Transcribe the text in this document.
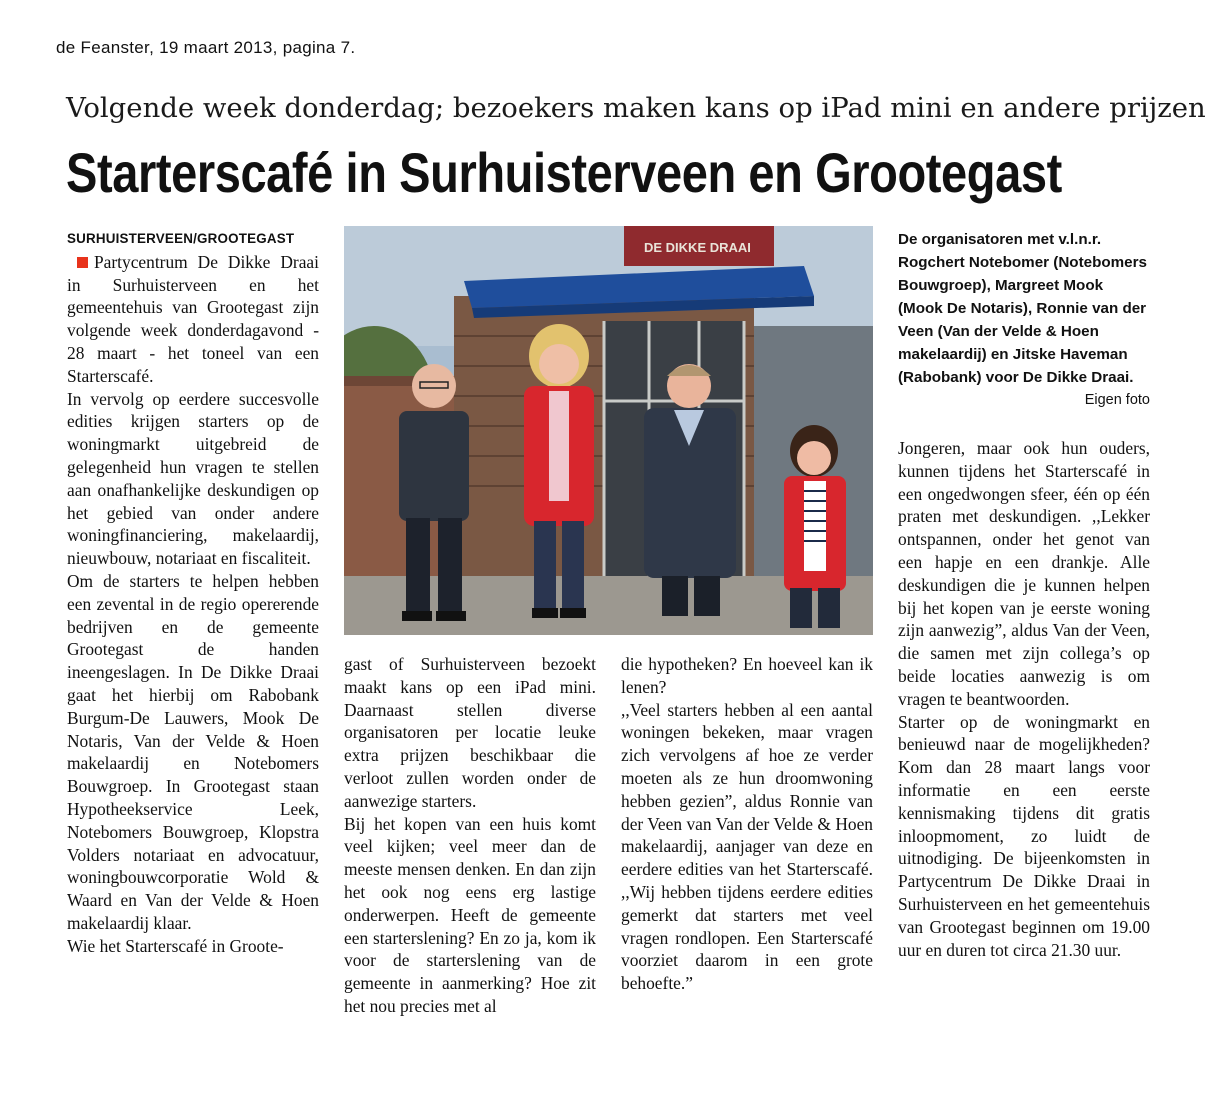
de Feanster, 19 maart 2013, pagina 7.
Volgende week donderdag; bezoekers maken kans op iPad mini en andere prijzen
Starterscafé in Surhuisterveen en Grootegast

SURHUISTERVEEN/GROOTEGASTPartycentrum De Dikke Draai in Surhuisterveen en het gemeentehuis van Grootegast zijn volgende week donderdagavond - 28 maart - het toneel van een Starterscafé.

In vervolg op eerdere succesvolle edities krijgen starters op de woningmarkt uitgebreid de gelegenheid hun vragen te stellen aan onafhankelijke deskundigen op het gebied van onder andere woningfinanciering, makelaardij, nieuwbouw, notariaat en fiscaliteit.

Om de starters te helpen hebben een zevental in de regio opererende bedrijven en de gemeente Grootegast de handen ineengeslagen. In De Dikke Draai gaat het hierbij om Rabobank Burgum-De Lauwers, Mook De Notaris, Van der Velde & Hoen makelaardij en Notebomers Bouwgroep. In Grootegast staan Hypotheekservice Leek, Notebomers Bouwgroep, Klopstra Volders notariaat en advocatuur, woningbouwcorporatie Wold & Waard en Van der Velde & Hoen makelaardij klaar.

Wie het Starterscafé in Groote-

DE DIKKE DRAAI	De organisatoren met v.l.n.r. Rogchert Notebomer (Notebomers Bouwgroep), Margreet Mook (Mook De Notaris), Ronnie van der Veen (Van der Velde & Hoen makelaardij) en Jitske Haveman (Rabobank) voor De Dikke Draai.
Eigen foto

gast of Surhuisterveen bezoekt maakt kans op een iPad mini. Daarnaast stellen diverse organisatoren per locatie leuke extra prijzen beschikbaar die verloot zullen worden onder de aanwezige starters.

Bij het kopen van een huis komt veel kijken; veel meer dan de meeste mensen denken. En dan zijn het ook nog eens erg lastige onderwerpen. Heeft de gemeente een starterslening? En zo ja, kom ik voor de starterslening van de gemeente in aanmerking? Hoe zit het nou precies met al

die hypotheken? En hoeveel kan ik lenen?

,,Veel starters hebben al een aantal woningen bekeken, maar vragen zich vervolgens af hoe ze verder moeten als ze hun droomwoning hebben gezien”, aldus Ronnie van der Veen van Van der Velde & Hoen makelaardij, aanjager van deze en eerdere edities van het Starterscafé. ,,Wij hebben tijdens eerdere edities gemerkt dat starters met veel vragen rondlopen. Een Starterscafé voorziet daarom in een grote behoefte.”

Jongeren, maar ook hun ouders, kunnen tijdens het Starterscafé in een ongedwongen sfeer, één op één praten met deskundigen. ,,Lekker ontspannen, onder het genot van een hapje en een drankje. Alle deskundigen die je kunnen helpen bij het kopen van je eerste woning zijn aanwezig”, aldus Van der Veen, die samen met zijn collega’s op beide locaties aanwezig is om vragen te beantwoorden.

Starter op de woningmarkt en benieuwd naar de mogelijkheden? Kom dan 28 maart langs voor informatie en een eerste kennismaking tijdens dit gratis inloopmoment, zo luidt de uitnodiging. De bijeenkomsten in Partycentrum De Dikke Draai in Surhuisterveen en het gemeentehuis van Grootegast beginnen om 19.00 uur en duren tot circa 21.30 uur.
